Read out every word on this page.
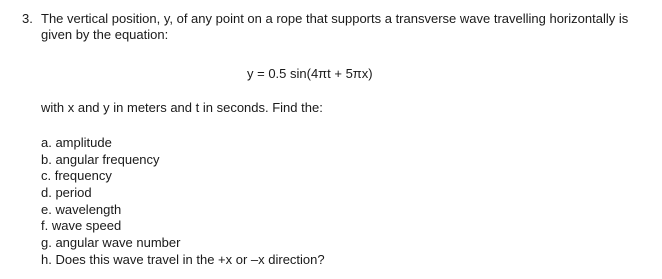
3. The vertical position, y, of any point on a rope that supports a transverse wave travelling horizontally is
given by the equation:
y = 0.5 sin(4πt + 5πx)
with x and y in meters and t in seconds. Find the:
a. amplitude
b. angular frequency
c. frequency
d. period
e. wavelength
f. wave speed
g. angular wave number
h. Does this wave travel in the +x or –x direction?
